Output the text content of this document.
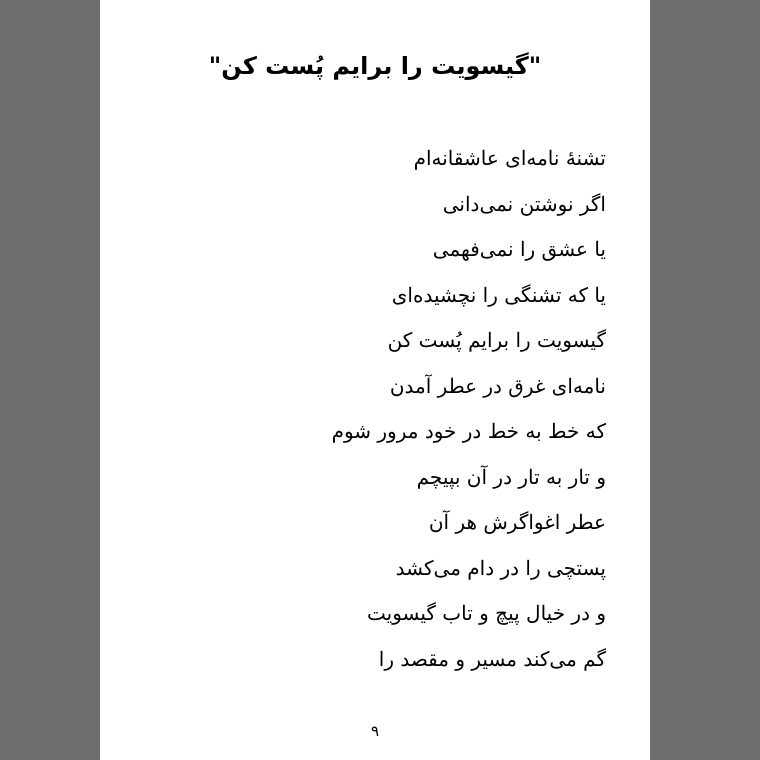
"گیسویت را برایم پُست کن"
تشنهٔ نامه‌ای عاشقانه‌ام
اگر نوشتن نمی‌دانی
یا عشق را نمی‌فهمی
یا که تشنگی را نچشیده‌ای
گیسویت را برایم پُست کن
نامه‌ای غرق در عطر آمدن
که خط به خط در خود مرور شوم
و تار به تار در آن بپیچم
عطر اغواگرش هر آن
پستچی را در دام می‌کشد
و در خیال پیچ و تاب گیسویت
گم می‌کند مسیر و مقصد را
۹
